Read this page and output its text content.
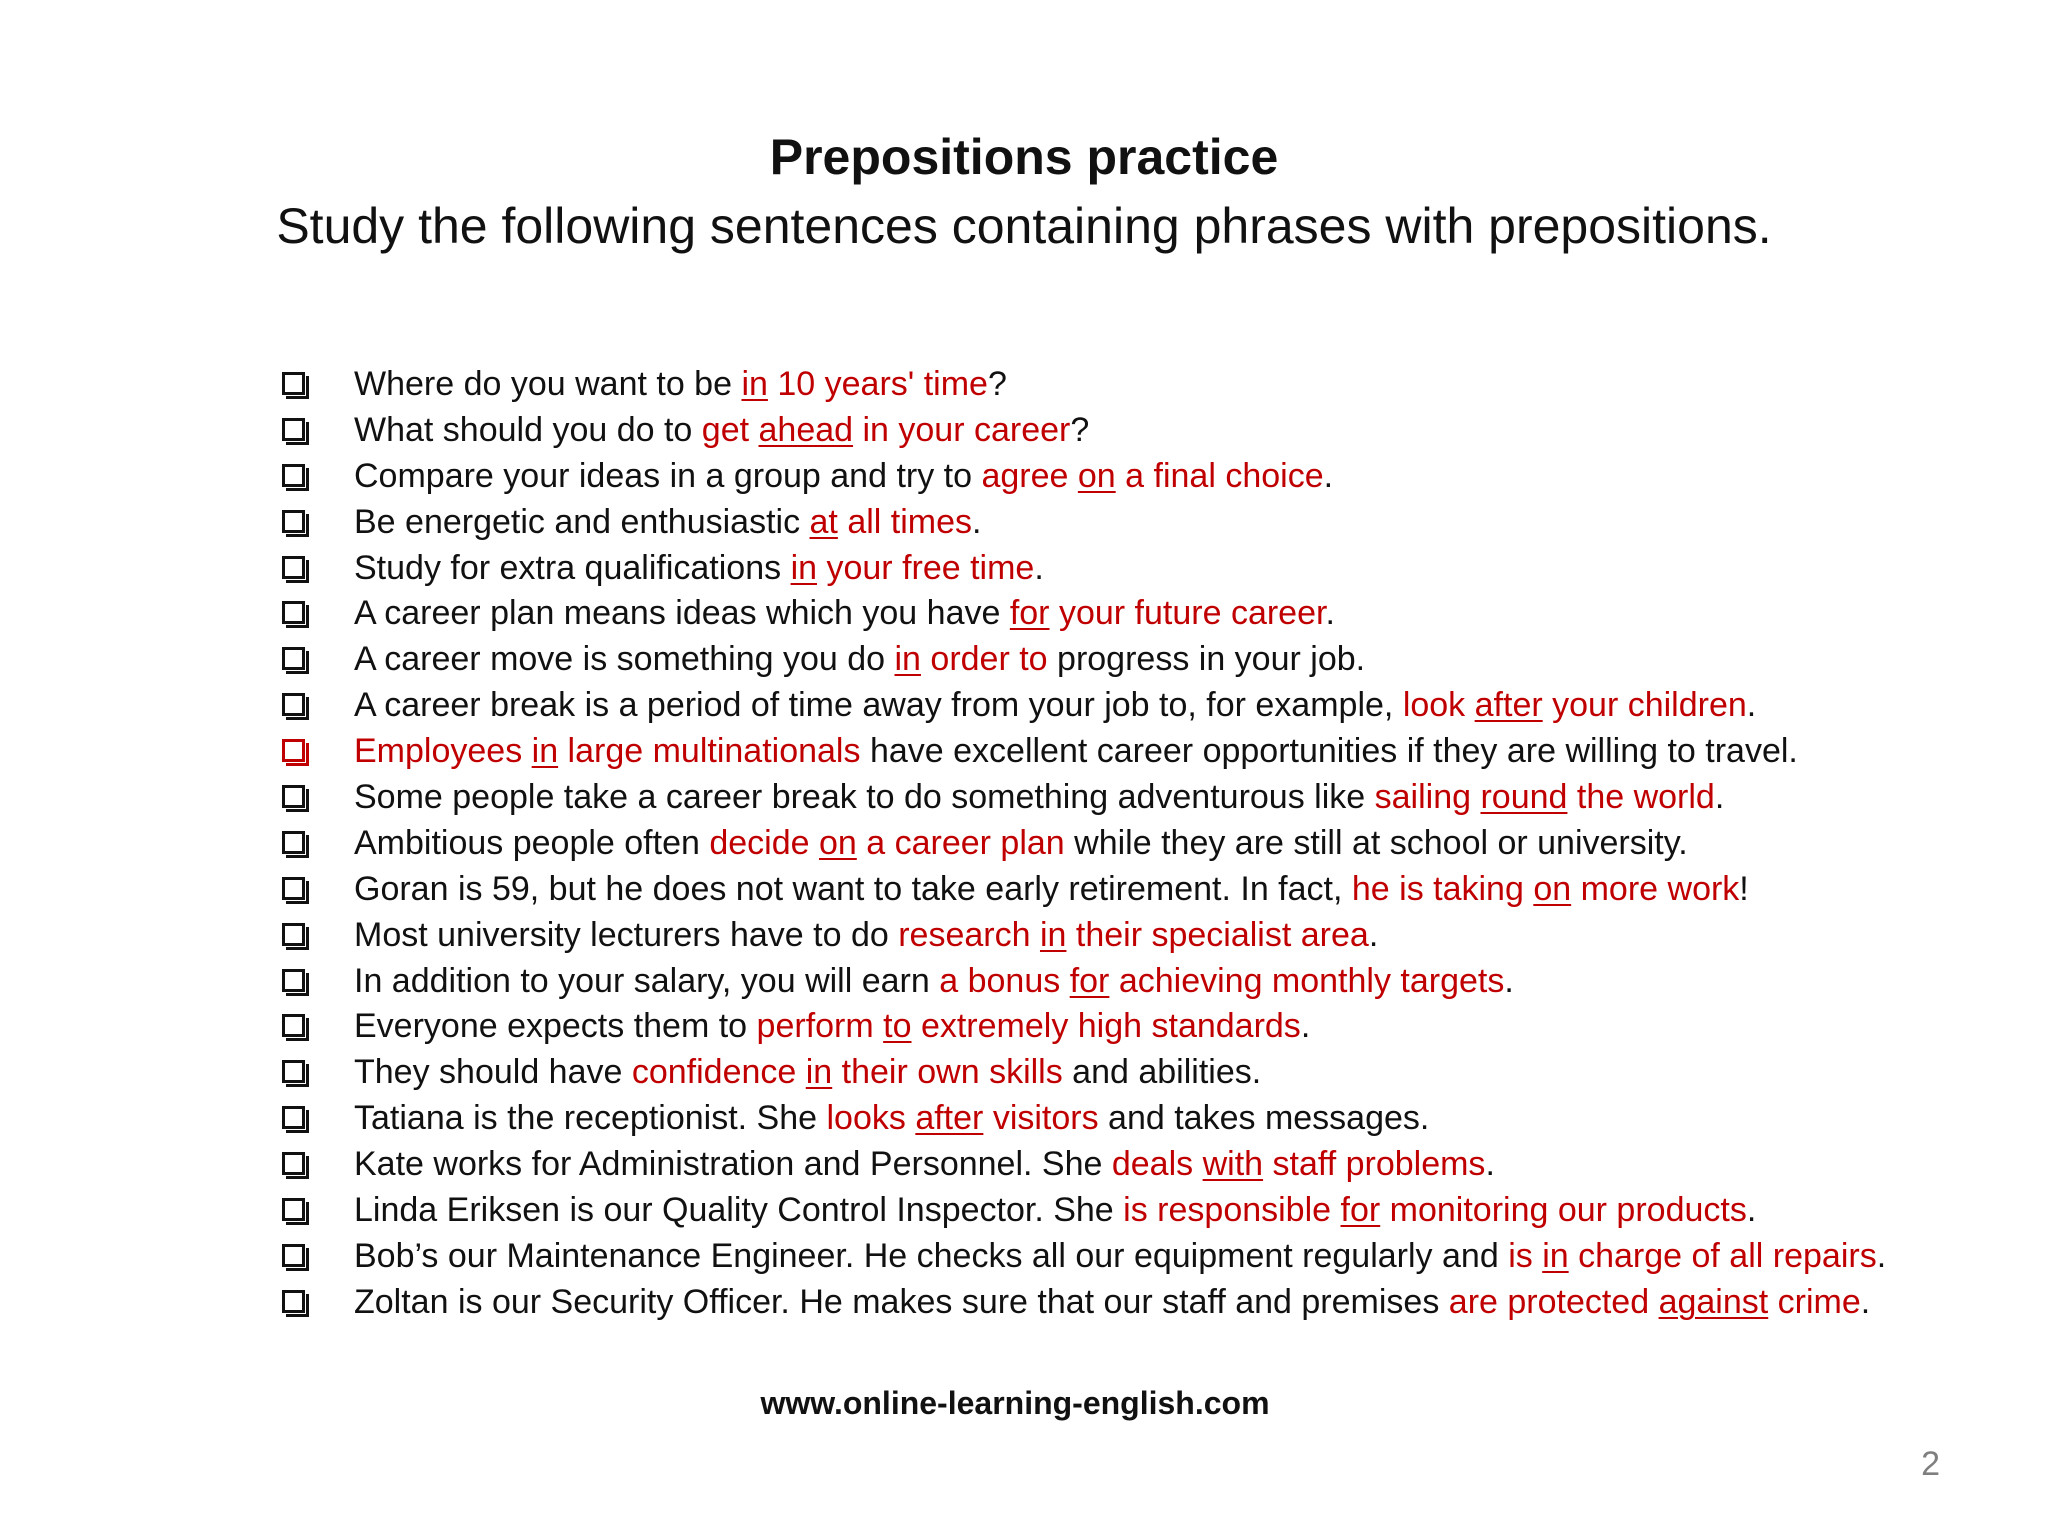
Prepositions practice
Study the following sentences containing phrases with prepositions.
Where do you want to be in 10 years' time?
What should you do to get ahead in your career?
Compare your ideas in a group and try to agree on a final choice.
Be energetic and enthusiastic at all times.
Study for extra qualifications in your free time.
A career plan means ideas which you have for your future career.
A career move is something you do in order to progress in your job.
A career break is a period of time away from your job to, for example, look after your children.
Employees in large multinationals have excellent career opportunities if they are willing to travel.
Some people take a career break to do something adventurous like sailing round the world.
Ambitious people often decide on a career plan while they are still at school or university.
Goran is 59, but he does not want to take early retirement. In fact, he is taking on more work!
Most university lecturers have to do research in their specialist area.
In addition to your salary, you will earn a bonus for achieving monthly targets.
Everyone expects them to perform to extremely high standards.
They should have confidence in their own skills and abilities.
Tatiana is the receptionist. She looks after visitors and takes messages.
Kate works for Administration and Personnel. She deals with staff problems.
Linda Eriksen is our Quality Control Inspector. She is responsible for monitoring our products.
Bob’s our Maintenance Engineer. He checks all our equipment regularly and is in charge of all repairs.
Zoltan is our Security Officer. He makes sure that our staff and premises are protected against crime.
www.online-learning-english.com
2
